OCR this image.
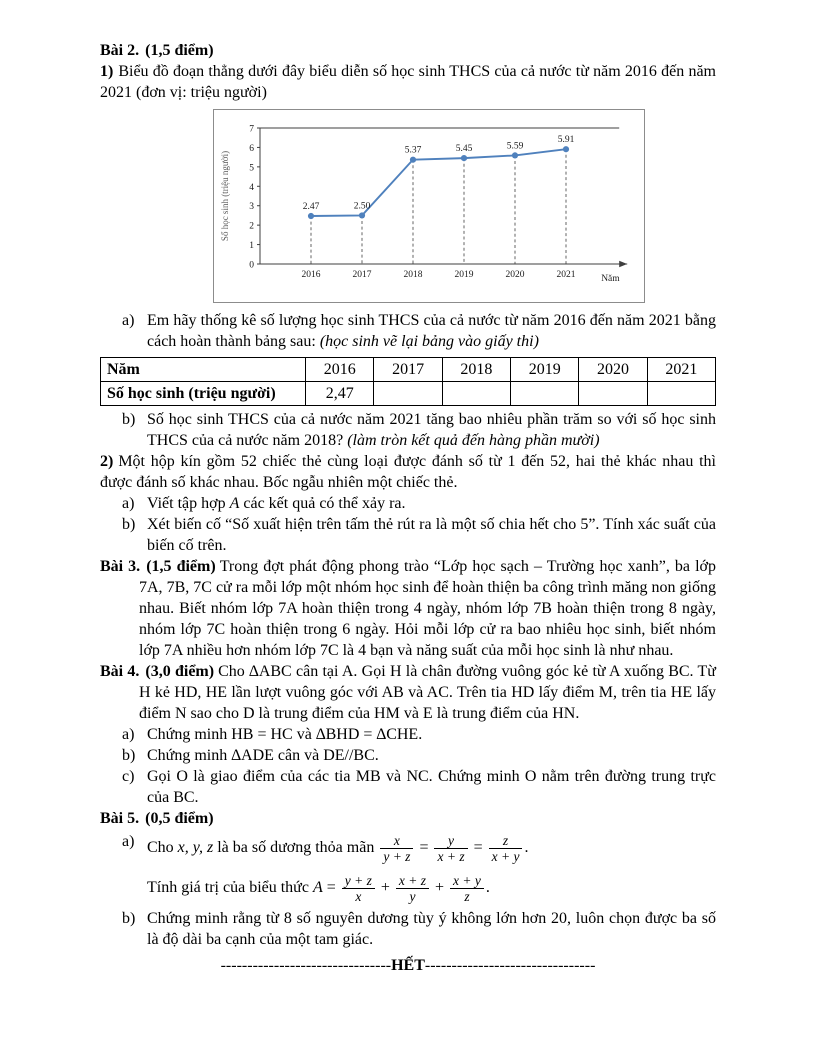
Bài 2. (1,5 điểm)

1) Biểu đồ đoạn thẳng dưới đây biểu diễn số học sinh THCS của cả nước từ năm 2016 đến năm 2021 (đơn vị: triệu người)

0
1
2
3
4
5
6
7
2.47	2.50
5.37	5.45	5.59
5.91
2016	2017	2018	2019	2020	2021	Năm
Số học sinh (triệu người)
a) Em hãy thống kê số lượng học sinh THCS của cả nước từ năm 2016 đến năm 2021 bằng cách hoàn thành bảng sau: (học sinh vẽ lại bảng vào giấy thi)
Năm	2016	2017	2018	2019	2020	2021
Số học sinh (triệu người)	2,47					
b) Số học sinh THCS của cả nước năm 2021 tăng bao nhiêu phần trăm so với số học sinh THCS của cả nước năm 2018? (làm tròn kết quả đến hàng phần mười)

2) Một hộp kín gồm 52 chiếc thẻ cùng loại được đánh số từ 1 đến 52, hai thẻ khác nhau thì được đánh số khác nhau. Bốc ngẫu nhiên một chiếc thẻ.

a) Viết tập hợp A các kết quả có thể xảy ra.
b) Xét biến cố “Số xuất hiện trên tấm thẻ rút ra là một số chia hết cho 5”. Tính xác suất của biến cố trên.

Bài 3. (1,5 điểm) Trong đợt phát động phong trào “Lớp học sạch – Trường học xanh”, ba lớp 7A, 7B, 7C cử ra mỗi lớp một nhóm học sinh để hoàn thiện ba công trình măng non giống nhau. Biết nhóm lớp 7A hoàn thiện trong 4 ngày, nhóm lớp 7B hoàn thiện trong 8 ngày, nhóm lớp 7C hoàn thiện trong 6 ngày. Hỏi mỗi lớp cử ra bao nhiêu học sinh, biết nhóm lớp 7A nhiều hơn nhóm lớp 7C là 4 bạn và năng suất của mỗi học sinh là như nhau.

Bài 4. (3,0 điểm) Cho ∆ABC cân tại A. Gọi H là chân đường vuông góc kẻ từ A xuống BC. Từ H kẻ HD, HE lần lượt vuông góc với AB và AC. Trên tia HD lấy điểm M, trên tia HE lấy điểm N sao cho D là trung điểm của HM và E là trung điểm của HN.

a) Chứng minh HB = HC và ∆BHD = ∆CHE.
b) Chứng minh ∆ADE cân và DE//BC.
c) Gọi O là giao điểm của các tia MB và NC. Chứng minh O nằm trên đường trung trực của BC.

Bài 5. (0,5 điểm)

a) Cho x, y, z là ba số dương thỏa mãn $\frac{x}{y + z} = \frac{y}{x + z} = \frac{z}{x + y}$ .
Tính giá trị của biểu thức $A = \frac{y + z}{x} + \frac{x + z}{y} + \frac{x + y}{z}$ .
b) Chứng minh rằng từ 8 số nguyên dương tùy ý không lớn hơn 20, luôn chọn được ba số là độ dài ba cạnh của một tam giác.

--------------------------------HẾT--------------------------------
